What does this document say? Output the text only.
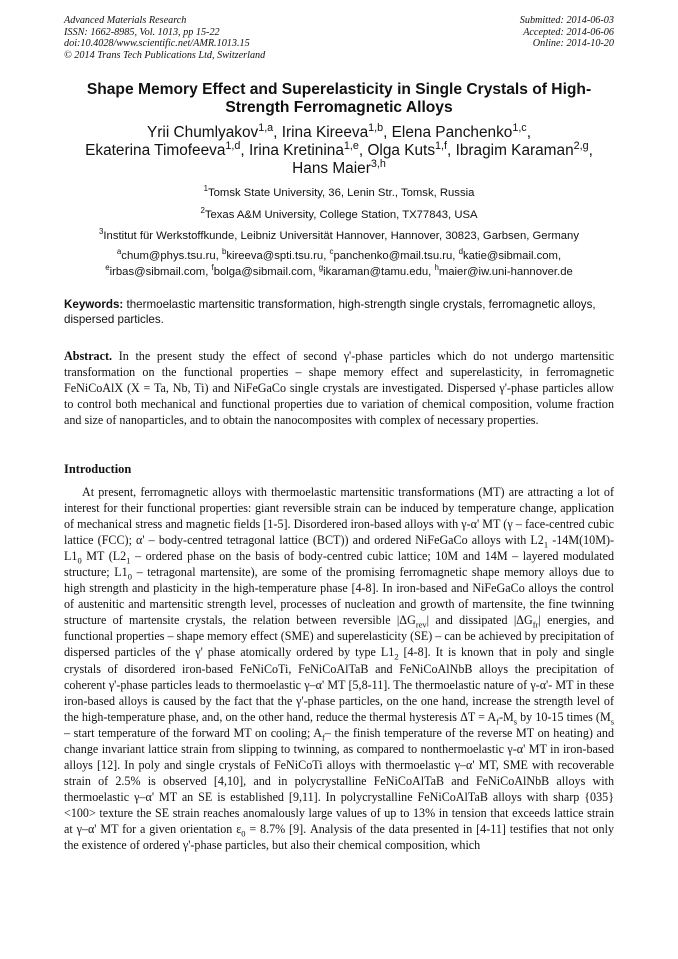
Advanced Materials Research
ISSN: 1662-8985, Vol. 1013, pp 15-22
doi:10.4028/www.scientific.net/AMR.1013.15
© 2014 Trans Tech Publications Ltd, Switzerland
Submitted: 2014-06-03
Accepted: 2014-06-06
Online: 2014-10-20
Shape Memory Effect and Superelasticity in Single Crystals of High-Strength Ferromagnetic Alloys
Yrii Chumlyakov$^{1,a}$, Irina Kireeva$^{1,b}$, Elena Panchenko$^{1,c}$,
Ekaterina Timofeeva$^{1,d}$, Irina Kretinina$^{1,e}$, Olga Kuts$^{1,f}$, Ibragim Karaman$^{2,g}$,
Hans Maier$^{3,h}$
$^1$Tomsk State University, 36, Lenin Str., Tomsk, Russia
$^2$Texas A&M University, College Station, TX77843, USA
$^3$Institut für Werkstoffkunde, Leibniz Universität Hannover, Hannover, 30823, Garbsen, Germany
$^a$chum@phys.tsu.ru, $^b$kireeva@spti.tsu.ru, $^c$panchenko@mail.tsu.ru, $^d$katie@sibmail.com,
$^e$irbas@sibmail.com, $^f$bolga@sibmail.com, $^g$ikaraman@tamu.edu, $^h$maier@iw.uni-hannover.de
Keywords: thermoelastic martensitic transformation, high-strength single crystals, ferromagnetic alloys, dispersed particles.
Abstract. In the present study the effect of second γ'-phase particles which do not undergo martensitic transformation on the functional properties – shape memory effect and superelasticity, in ferromagnetic FeNiCoAlX (X = Ta, Nb, Ti) and NiFeGaCo single crystals are investigated. Dispersed γ'-phase particles allow to control both mechanical and functional properties due to variation of chemical composition, volume fraction and size of nanoparticles, and to obtain the nanocomposites with complex of necessary properties.
Introduction
At present, ferromagnetic alloys with thermoelastic martensitic transformations (MT) are attracting a lot of interest for their functional properties: giant reversible strain can be induced by temperature change, application of mechanical stress and magnetic fields [1-5]. Disordered iron-based alloys with γ-α' MT (γ – face-centred cubic lattice (FCC); α' – body-centred tetragonal lattice (BCT)) and ordered NiFeGaCo alloys with $L2_1$ $-14M(10M)-L1_0$ MT ($L2_1$ – ordered phase on the basis of body-centred cubic lattice; 10M and 14M – layered modulated structure; $L1_0$ – tetragonal martensite), are some of the promising ferromagnetic shape memory alloys due to high strength and plasticity in the high-temperature phase [4-8]. In iron-based and NiFeGaCo alloys the control of austenitic and martensitic strength level, processes of nucleation and growth of martensite, the fine twinning structure of martensite crystals, the relation between reversible $|\Delta G_{rev}|$ and dissipated $|\Delta G_{fr}|$ energies, and functional properties – shape memory effect (SME) and superelasticity (SE) – can be achieved by precipitation of dispersed particles of the γ' phase atomically ordered by type $L1_2$ [4-8]. It is known that in poly and single crystals of disordered iron-based FeNiCoTi, FeNiCoAlTaB and FeNiCoAlNbB alloys the precipitation of coherent γ'-phase particles leads to thermoelastic γ–α' MT [5,8-11]. The thermoelastic nature of γ-α'- MT in these iron-based alloys is caused by the fact that the γ'-phase particles, on the one hand, increase the strength level of the high-temperature phase, and, on the other hand, reduce the thermal hysteresis $\Delta T = A_f-M_s$ by 10-15 times ($M_s$ – start temperature of the forward MT on cooling; $A_f-$ the finish temperature of the reverse MT on heating) and change invariant lattice strain from slipping to twinning, as compared to nonthermoelastic γ-α' MT in iron-based alloys [12]. In poly and single crystals of FeNiCoTi alloys with thermoelastic γ–α' MT, SME with recoverable strain of 2.5% is observed [4,10], and in polycrystalline FeNiCoAlTaB and FeNiCoAlNbB alloys with thermoelastic γ–α' MT an SE is established [9,11]. In polycrystalline FeNiCoAlTaB alloys with sharp {035} <100> texture the SE strain reaches anomalously large values of up to 13% in tension that exceeds lattice strain at γ–α' MT for a given orientation $\varepsilon_0 = 8.7\%$ [9]. Analysis of the data presented in [4-11] testifies that not only the existence of ordered γ'-phase particles, but also their chemical composition, which
